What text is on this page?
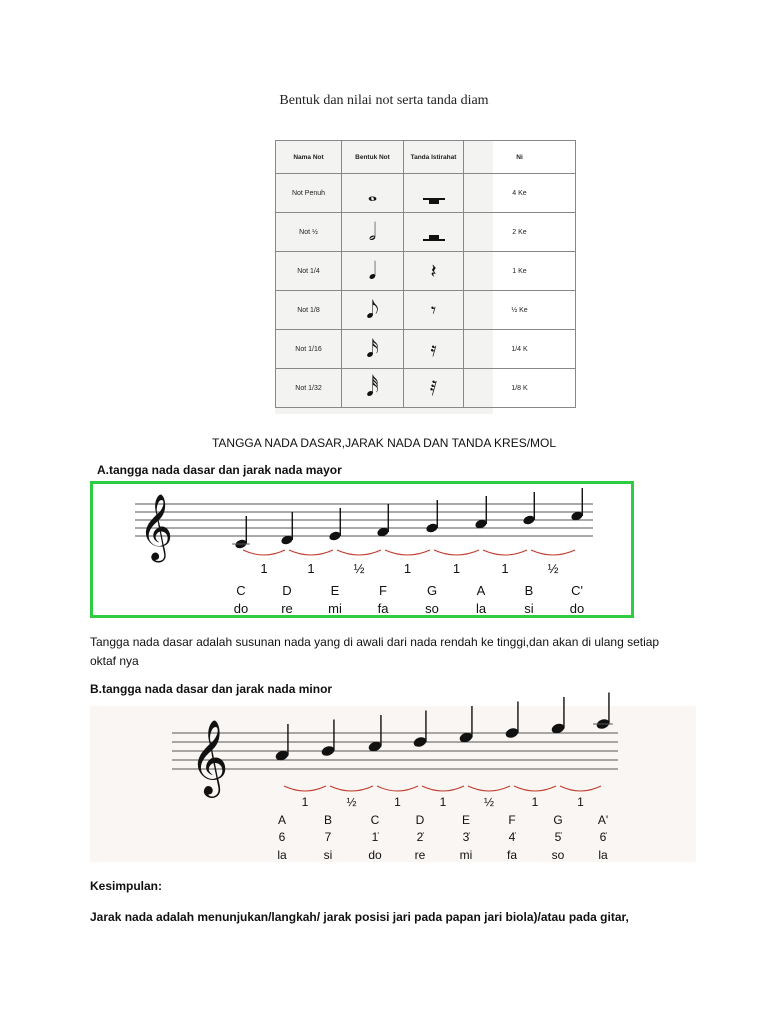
Bentuk dan nilai not serta tanda diam
Nama Not	Bentuk Not	Tanda Istirahat	Ni
Not Penuh	𝅝		4 Ke
Not ½	𝅗𝅥		2 Ke
Not 1/4	𝅘𝅥	𝄽	1 Ke
Not 1/8	𝅘𝅥𝅮	𝄾	½ Ke
Not 1/16	𝅘𝅥𝅯	𝄿	1/4 K
Not 1/32	𝅘𝅥𝅰	𝅀	1/8 K
TANGGA NADA DASAR,JARAK NADA DAN TANDA KRES/MOL
A.tangga nada dasar dan jarak nada mayor
𝄞
1	1	½	1	1	1	½
C	D	E	F	G	A	B	C'
do	re	mi	fa	so	la	si	do
Tangga nada dasar adalah susunan nada yang di awali dari nada rendah ke tinggi,dan akan di ulang setiap oktaf nya
B.tangga nada dasar dan jarak nada minor
𝄞
1	½	1	1	½	1	1
A	B	C	D	E	F	G	A'
6	7	1̇	2̇	3̇	4̇	5̇	6̇
la	si	do	re	mi	fa	so	la
Kesimpulan:
Jarak nada adalah menunjukan/langkah/ jarak posisi jari pada papan jari biola)/atau pada gitar,
